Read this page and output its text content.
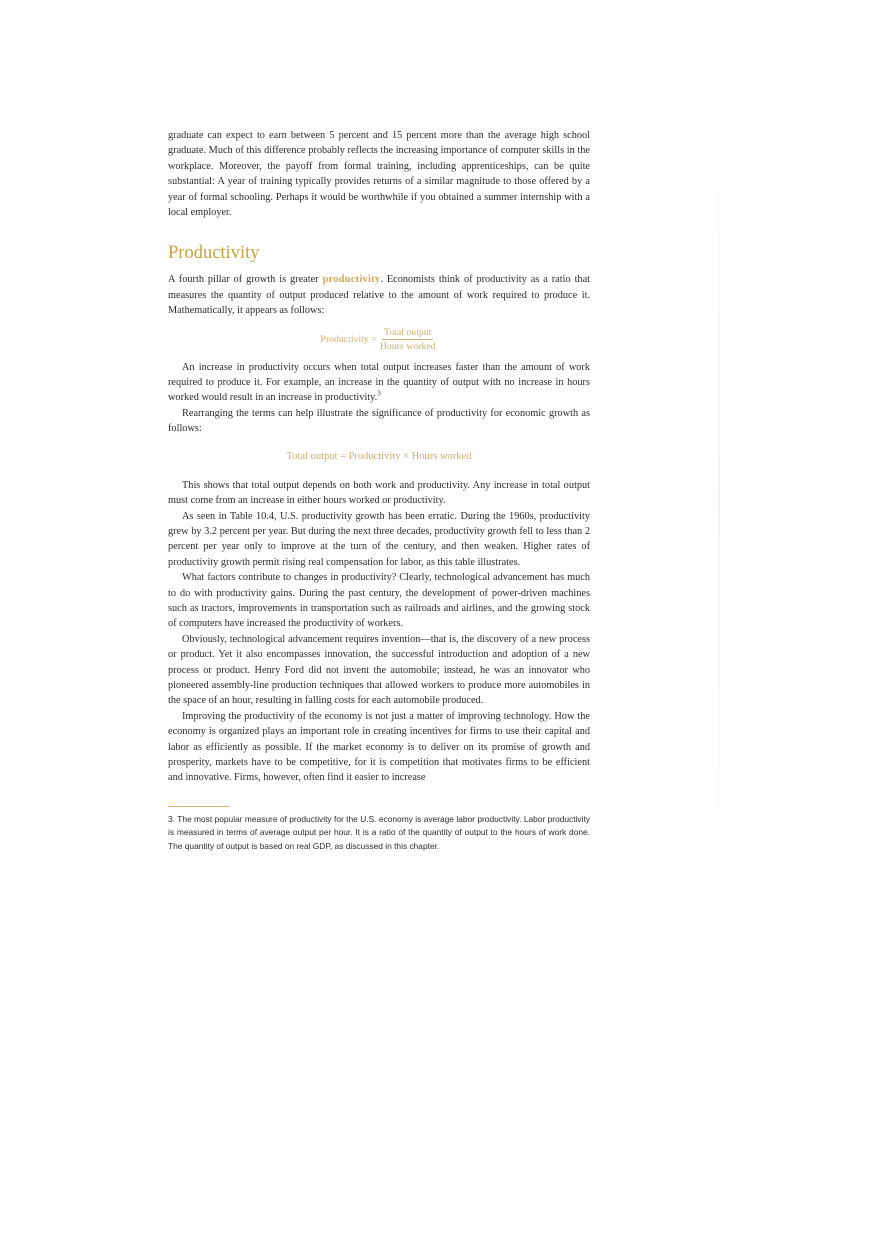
graduate can expect to earn between 5 percent and 15 percent more than the average high school graduate. Much of this difference probably reflects the increasing importance of computer skills in the workplace. Moreover, the payoff from formal training, including apprenticeships, can be quite substantial: A year of training typically provides returns of a similar magnitude to those offered by a year of formal schooling. Perhaps it would be worthwhile if you obtained a summer internship with a local employer.

Productivity

A fourth pillar of growth is greater productivity. Economists think of productivity as a ratio that measures the quantity of output produced relative to the amount of work required to produce it. Mathematically, it appears as follows:

Productivity = $\frac{\text{Total output}}{\text{Hours worked}}$

An increase in productivity occurs when total output increases faster than the amount of work required to produce it. For example, an increase in the quantity of output with no increase in hours worked would result in an increase in productivity.$^3$

Rearranging the terms can help illustrate the significance of productivity for economic growth as follows:

Total output = Productivity × Hours worked

This shows that total output depends on both work and productivity. Any increase in total output must come from an increase in either hours worked or productivity.

As seen in Table 10.4, U.S. productivity growth has been erratic. During the 1960s, productivity grew by 3.2 percent per year. But during the next three decades, productivity growth fell to less than 2 percent per year only to improve at the turn of the century, and then weaken. Higher rates of productivity growth permit rising real compensation for labor, as this table illustrates.

What factors contribute to changes in productivity? Clearly, technological advancement has much to do with productivity gains. During the past century, the development of power-driven machines such as tractors, improvements in transportation such as railroads and airlines, and the growing stock of computers have increased the productivity of workers.

Obviously, technological advancement requires invention—that is, the discovery of a new process or product. Yet it also encompasses innovation, the successful introduction and adoption of a new process or product. Henry Ford did not invent the automobile; instead, he was an innovator who pioneered assembly-line production techniques that allowed workers to produce more automobiles in the space of an hour, resulting in falling costs for each automobile produced.

Improving the productivity of the economy is not just a matter of improving technology. How the economy is organized plays an important role in creating incentives for firms to use their capital and labor as efficiently as possible. If the market economy is to deliver on its promise of growth and prosperity, markets have to be competitive, for it is competition that motivates firms to be efficient and innovative. Firms, however, often find it easier to increase

3. The most popular measure of productivity for the U.S. economy is average labor productivity. Labor productivity is measured in terms of average output per hour. It is a ratio of the quantity of output to the hours of work done. The quantity of output is based on real GDP, as discussed in this chapter.
